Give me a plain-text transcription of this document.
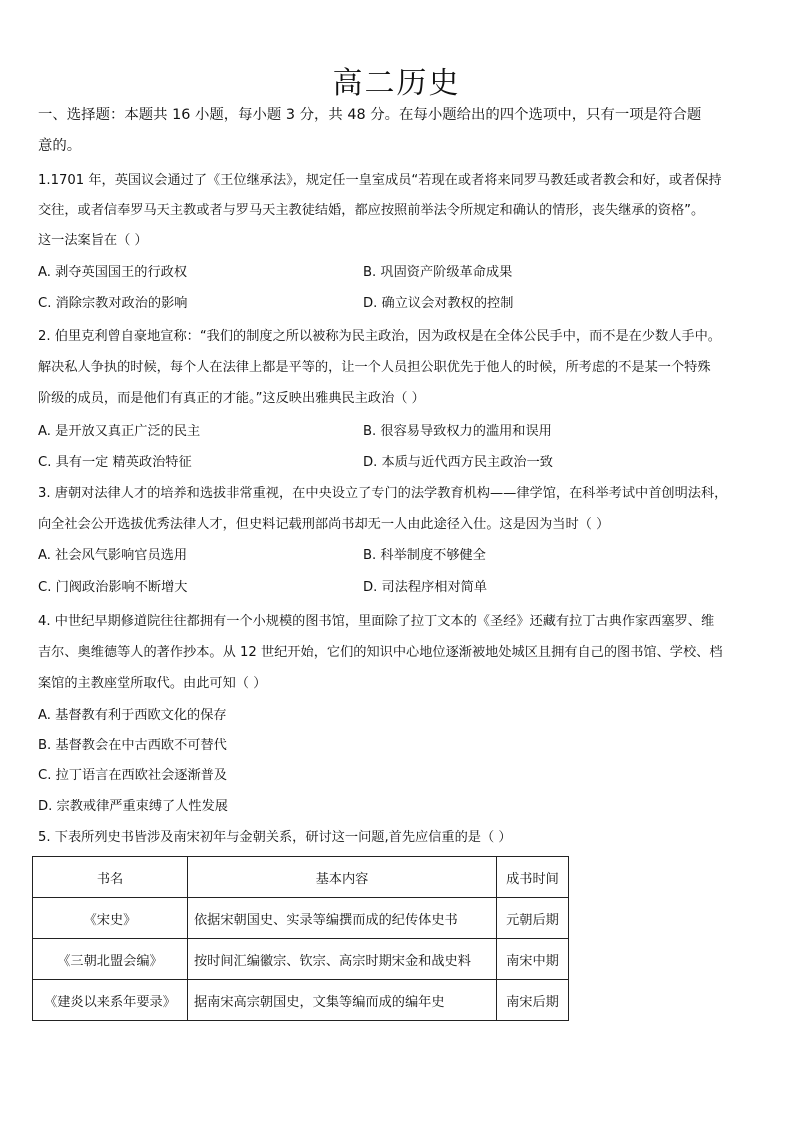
高二历史
一、选择题：本题共 16 小题，每小题 3 分，共 48 分。在每小题给出的四个选项中，只有一项是符合题
意的。
1.1701 年，英国议会通过了《王位继承法》，规定任一皇室成员“若现在或者将来同罗马教廷或者教会和好，或者保持
交往，或者信奉罗马天主教或者与罗马天主教徒结婚，都应按照前举法令所规定和确认的情形，丧失继承的资格”。
这一法案旨在（ ）
A. 剥夺英国国王的行政权	B. 巩固资产阶级革命成果
C. 消除宗教对政治的影响	D. 确立议会对教权的控制
2. 伯里克利曾自豪地宣称：“我们的制度之所以被称为民主政治，因为政权是在全体公民手中，而不是在少数人手中。
解决私人争执的时候，每个人在法律上都是平等的，让一个人员担公职优先于他人的时候，所考虑的不是某一个特殊
阶级的成员，而是他们有真正的才能。”这反映出雅典民主政治（ ）
A. 是开放又真正广泛的民主	B. 很容易导致权力的滥用和误用
C. 具有一定 精英政治特征	D. 本质与近代西方民主政治一致
3. 唐朝对法律人才的培养和选拔非常重视，在中央设立了专门的法学教育机构——律学馆，在科举考试中首创明法科，
向全社会公开选拔优秀法律人才，但史料记载刑部尚书却无一人由此途径入仕。这是因为当时（ ）
A. 社会风气影响官员选用	B. 科举制度不够健全
C. 门阀政治影响不断增大	D. 司法程序相对简单
4. 中世纪早期修道院往往都拥有一个小规模的图书馆，里面除了拉丁文本的《圣经》还藏有拉丁古典作家西塞罗、维
吉尔、奥维德等人的著作抄本。从 12 世纪开始，它们的知识中心地位逐渐被地处城区且拥有自己的图书馆、学校、档
案馆的主教座堂所取代。由此可知（ ）
A. 基督教有利于西欧文化的保存
B. 基督教会在中古西欧不可替代
C. 拉丁语言在西欧社会逐渐普及
D. 宗教戒律严重束缚了人性发展
5. 下表所列史书皆涉及南宋初年与金朝关系，研讨这一问题,首先应信重的是（ ）
书名	基本内容	成书时间
《宋史》	依据宋朝国史、实录等编撰而成的纪传体史书	元朝后期
《三朝北盟会编》	按时间汇编徽宗、钦宗、高宗时期宋金和战史料	南宋中期
《建炎以来系年要录》	据南宋高宗朝国史，文集等编而成的编年史	南宋后期
